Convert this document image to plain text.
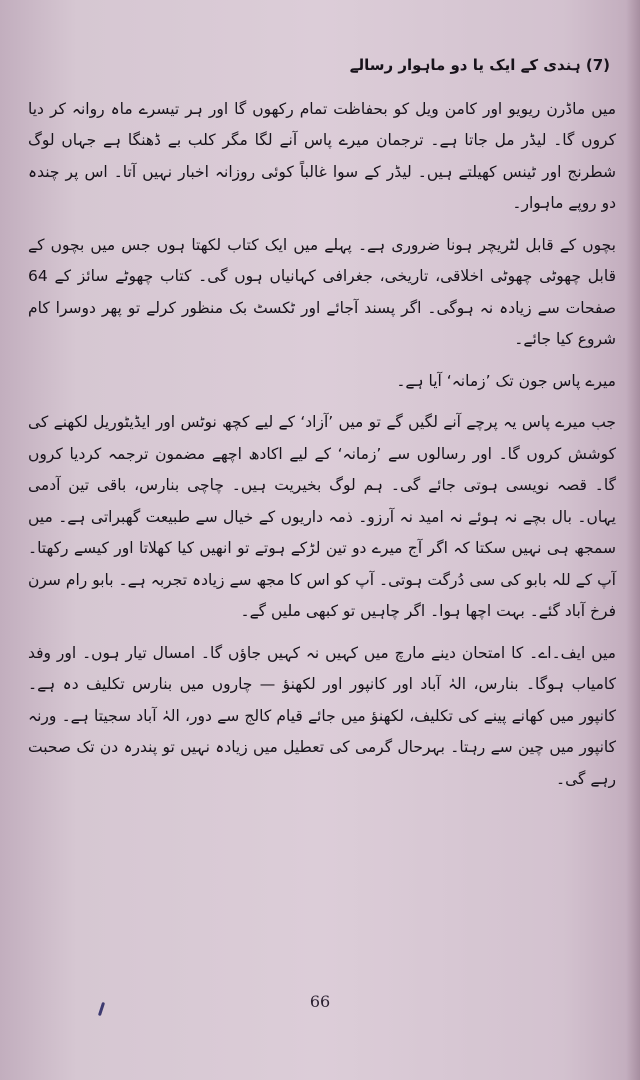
(7) ہندی کے ایک یا دو ماہوار رسالے

میں ماڈرن ریویو اور کامن ویل کو بحفاظت تمام رکھوں گا اور ہر تیسرے ماہ روانہ کر دیا کروں گا۔ لیڈر مل جاتا ہے۔ ترجمان میرے پاس آنے لگا مگر کلب بے ڈھنگا ہے جہاں لوگ شطرنج اور ٹینس کھیلتے ہیں۔ لیڈر کے سوا غالباً کوئی روزانہ اخبار نہیں آتا۔ اس پر چندہ دو روپے ماہوار۔

بچوں کے قابل لٹریچر ہونا ضروری ہے۔ پہلے میں ایک کتاب لکھتا ہوں جس میں بچوں کے قابل چھوٹی چھوٹی اخلاقی، تاریخی، جغرافی کہانیاں ہوں گی۔ کتاب چھوٹے سائز کے 64 صفحات سے زیادہ نہ ہوگی۔ اگر پسند آجائے اور ٹکسٹ بک منظور کرلے تو پھر دوسرا کام شروع کیا جائے۔

میرے پاس جون تک ’زمانہ‘ آیا ہے۔

جب میرے پاس یہ پرچے آنے لگیں گے تو میں ’آزاد‘ کے لیے کچھ نوٹس اور ایڈیٹوریل لکھنے کی کوشش کروں گا۔ اور رسالوں سے ’زمانہ‘ کے لیے اکادھ اچھے مضمون ترجمہ کردیا کروں گا۔ قصہ نویسی ہوتی جائے گی۔ ہم لوگ بخیریت ہیں۔ چاچی بنارس، باقی تین آدمی یہاں۔ بال بچے نہ ہوئے نہ امید نہ آرزو۔ ذمہ داریوں کے خیال سے طبیعت گھبراتی ہے۔ میں سمجھ ہی نہیں سکتا کہ اگر آج میرے دو تین لڑکے ہوتے تو انھیں کیا کھلاتا اور کیسے رکھتا۔ آپ کے للہ بابو کی سی دُرگت ہوتی۔ آپ کو اس کا مجھ سے زیادہ تجربہ ہے۔ بابو رام سرن فرخ آباد گئے۔ بہت اچھا ہوا۔ اگر چاہیں تو کبھی ملیں گے۔

میں ایف۔اے۔ کا امتحان دینے مارچ میں کہیں نہ کہیں جاؤں گا۔ امسال تیار ہوں۔ اور وفد کامیاب ہوگا۔ بنارس، الہٰ آباد اور کانپور اور لکھنؤ — چاروں میں بنارس تکلیف دہ ہے۔ کانپور میں کھانے پینے کی تکلیف، لکھنؤ میں جائے قیام کالج سے دور، الہٰ آباد سجیتا ہے۔ ورنہ کانپور میں چین سے رہتا۔ بہرحال گرمی کی تعطیل میں زیادہ نہیں تو پندرہ دن تک صحبت رہے گی۔

66
